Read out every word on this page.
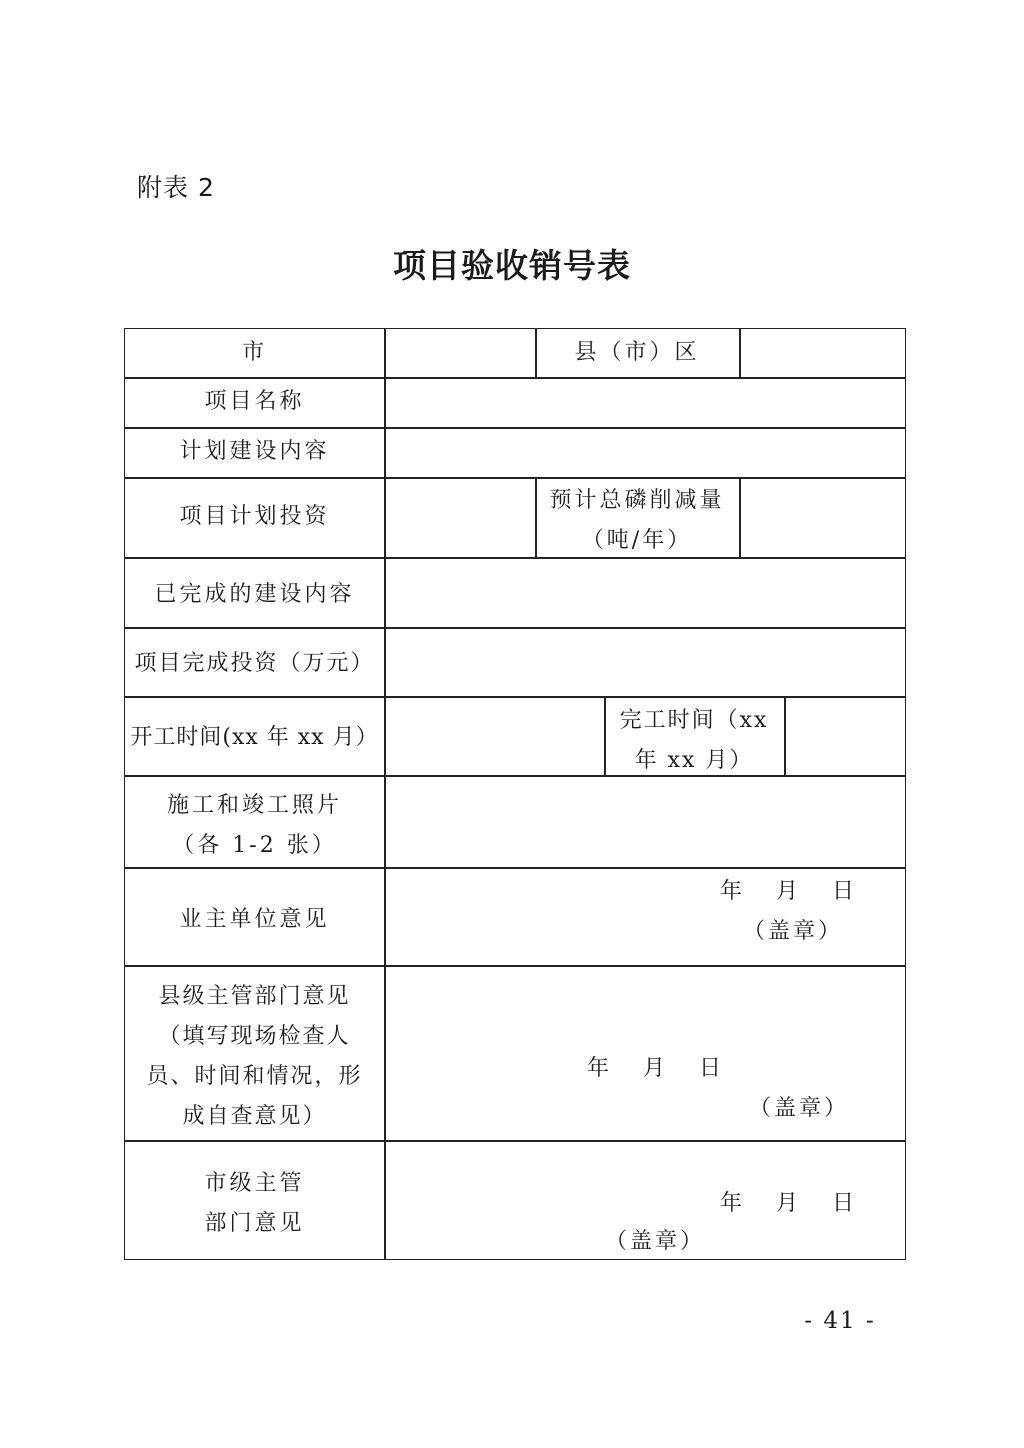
附表 2
项目验收销号表
市	县（市）区
项目名称
计划建设内容
项目计划投资
预计总磷削减量
（吨/年）
已完成的建设内容
项目完成投资（万元）
开工时间(xx 年 xx 月）
完工时间（xx
年 xx 月）
施工和竣工照片
（各 1-2 张）
业主单位意见
年　月　日
（盖章）
县级主管部门意见
（填写现场检查人
员、时间和情况，形
成自查意见）
年　月　日
（盖章）
市级主管
部门意见
年　月　日
（盖章）
- 41 -
